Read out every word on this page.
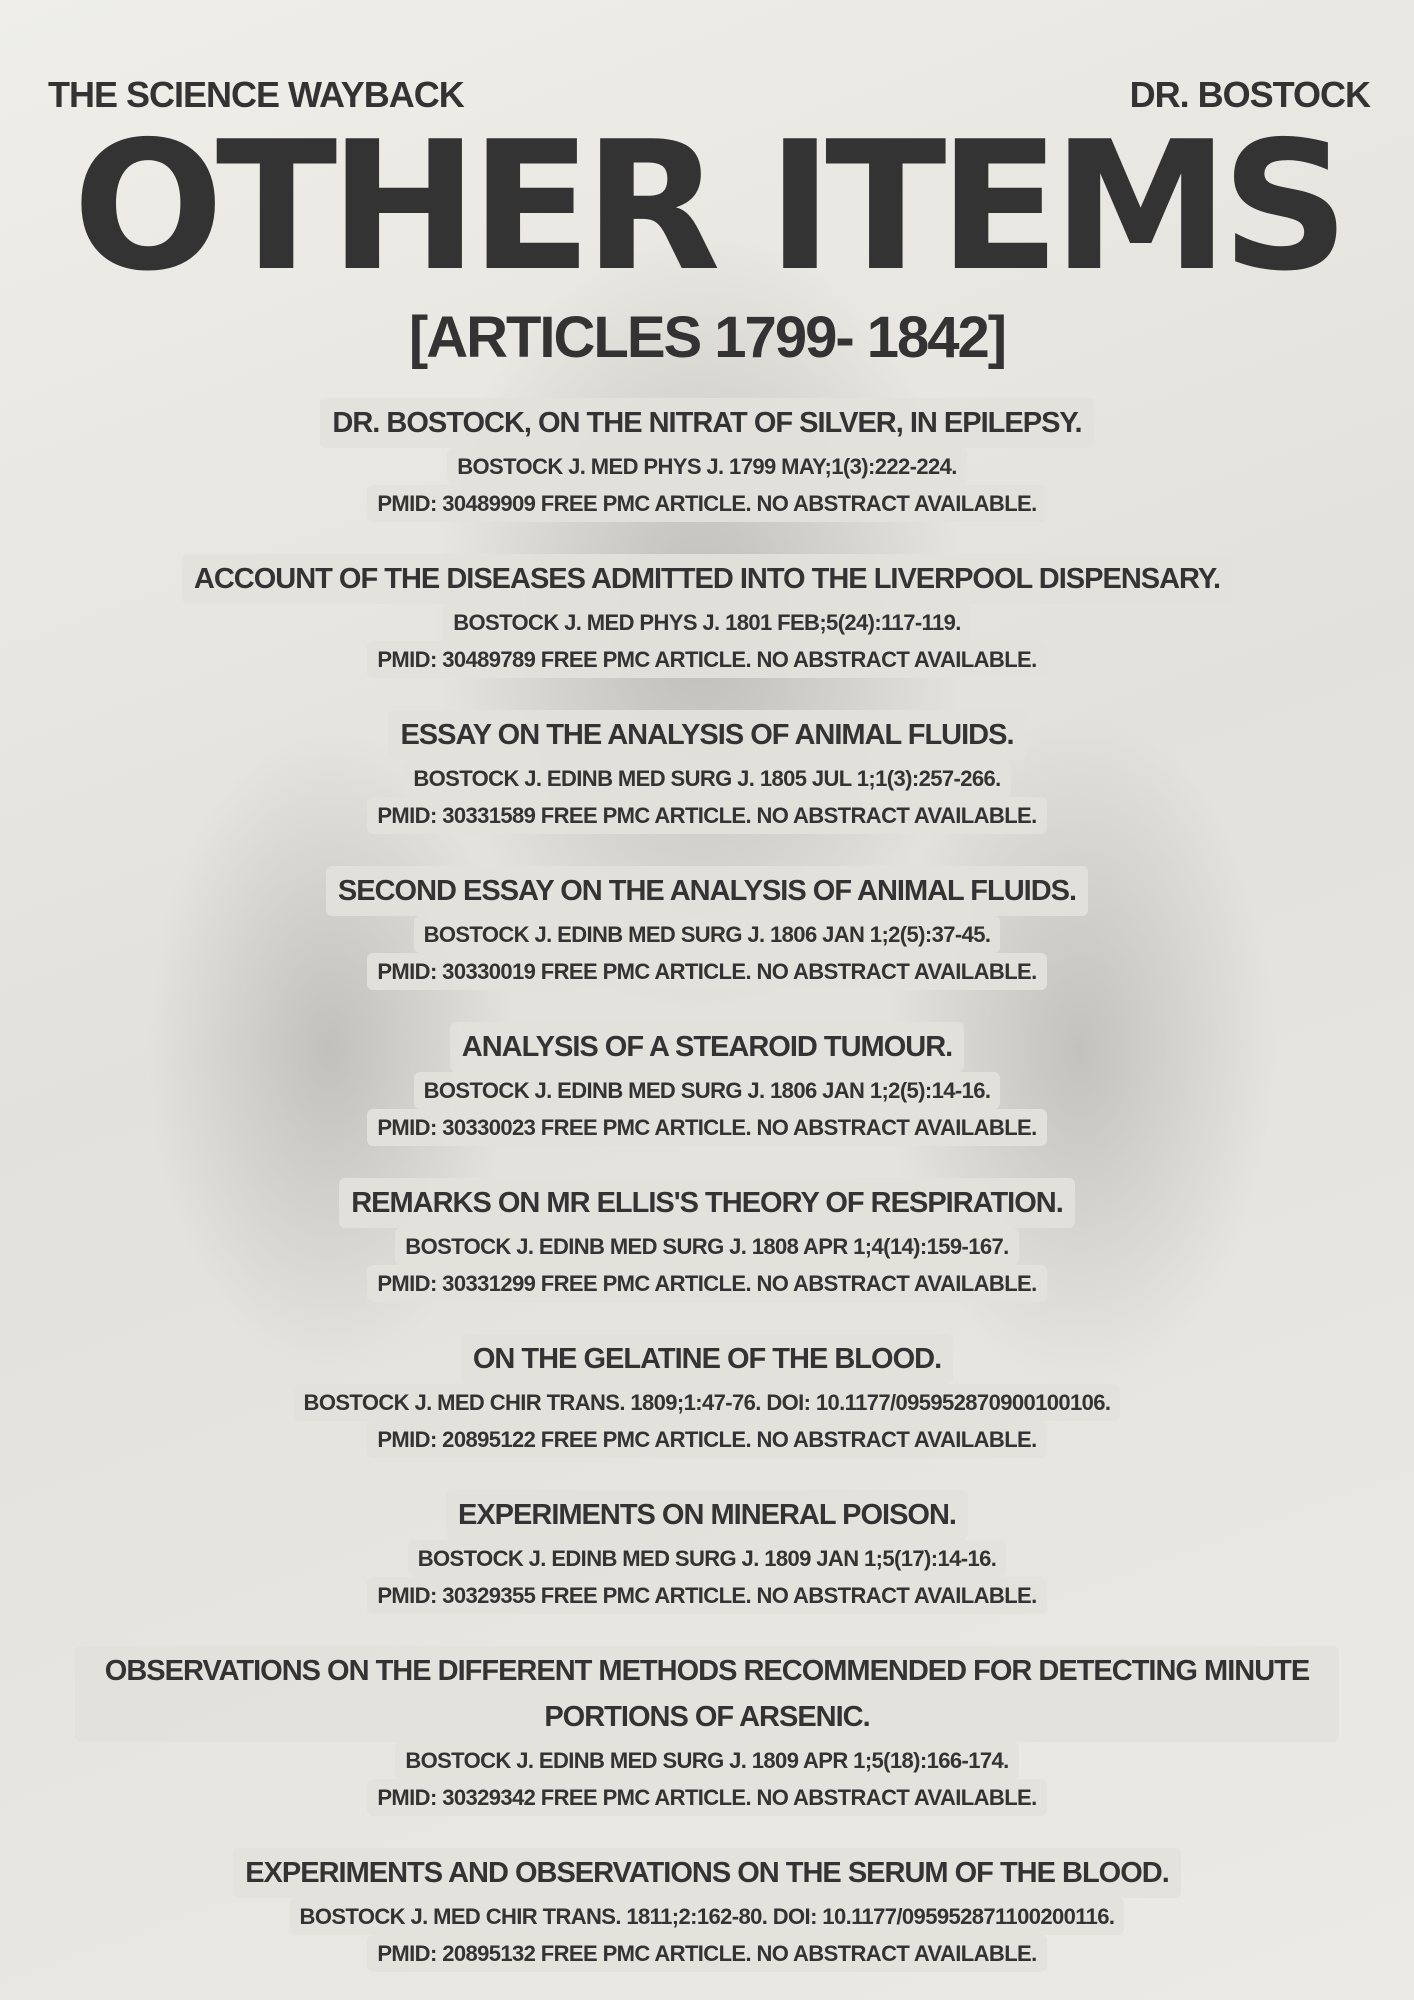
THE SCIENCE WAYBACK	DR. BOSTOCK
OTHER ITEMS
[ARTICLES 1799- 1842]
DR. BOSTOCK, ON THE NITRAT OF SILVER, IN EPILEPSY.
BOSTOCK J. MED PHYS J. 1799 MAY;1(3):222-224.
PMID: 30489909 FREE PMC ARTICLE. NO ABSTRACT AVAILABLE.
ACCOUNT OF THE DISEASES ADMITTED INTO THE LIVERPOOL DISPENSARY.
BOSTOCK J. MED PHYS J. 1801 FEB;5(24):117-119.
PMID: 30489789 FREE PMC ARTICLE. NO ABSTRACT AVAILABLE.
ESSAY ON THE ANALYSIS OF ANIMAL FLUIDS.
BOSTOCK J. EDINB MED SURG J. 1805 JUL 1;1(3):257-266.
PMID: 30331589 FREE PMC ARTICLE. NO ABSTRACT AVAILABLE.
SECOND ESSAY ON THE ANALYSIS OF ANIMAL FLUIDS.
BOSTOCK J. EDINB MED SURG J. 1806 JAN 1;2(5):37-45.
PMID: 30330019 FREE PMC ARTICLE. NO ABSTRACT AVAILABLE.
ANALYSIS OF A STEAROID TUMOUR.
BOSTOCK J. EDINB MED SURG J. 1806 JAN 1;2(5):14-16.
PMID: 30330023 FREE PMC ARTICLE. NO ABSTRACT AVAILABLE.
REMARKS ON MR ELLIS'S THEORY OF RESPIRATION.
BOSTOCK J. EDINB MED SURG J. 1808 APR 1;4(14):159-167.
PMID: 30331299 FREE PMC ARTICLE. NO ABSTRACT AVAILABLE.
ON THE GELATINE OF THE BLOOD.
BOSTOCK J. MED CHIR TRANS. 1809;1:47-76. DOI: 10.1177/095952870900100106.
PMID: 20895122 FREE PMC ARTICLE. NO ABSTRACT AVAILABLE.
EXPERIMENTS ON MINERAL POISON.
BOSTOCK J. EDINB MED SURG J. 1809 JAN 1;5(17):14-16.
PMID: 30329355 FREE PMC ARTICLE. NO ABSTRACT AVAILABLE.
OBSERVATIONS ON THE DIFFERENT METHODS RECOMMENDED FOR DETECTING MINUTE PORTIONS OF ARSENIC.
BOSTOCK J. EDINB MED SURG J. 1809 APR 1;5(18):166-174.
PMID: 30329342 FREE PMC ARTICLE. NO ABSTRACT AVAILABLE.
EXPERIMENTS AND OBSERVATIONS ON THE SERUM OF THE BLOOD.
BOSTOCK J. MED CHIR TRANS. 1811;2:162-80. DOI: 10.1177/095952871100200116.
PMID: 20895132 FREE PMC ARTICLE. NO ABSTRACT AVAILABLE.
